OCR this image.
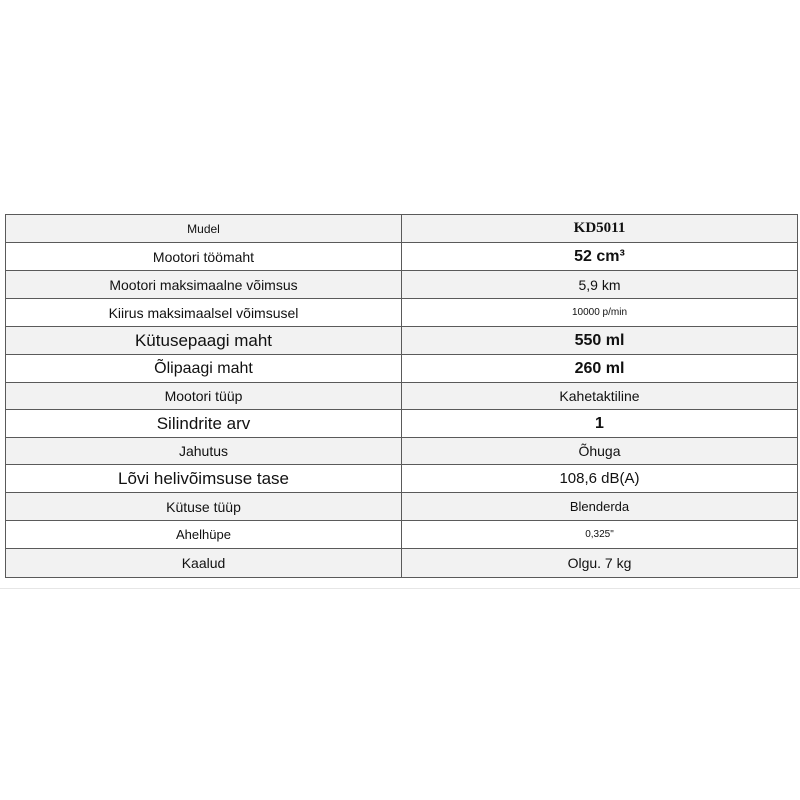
Mudel	KD5011
Mootori töömaht	52 cm³
Mootori maksimaalne võimsus	5,9 km
Kiirus maksimaalsel võimsusel	10000 p/min
Kütusepaagi maht	550 ml
Õlipaagi maht	260 ml
Mootori tüüp	Kahetaktiline
Silindrite arv	1
Jahutus	Õhuga
Lõvi helivõimsuse tase	108,6 dB(A)
Kütuse tüüp	Blenderda
Ahelhüpe	0,325"
Kaalud	Olgu. 7 kg
